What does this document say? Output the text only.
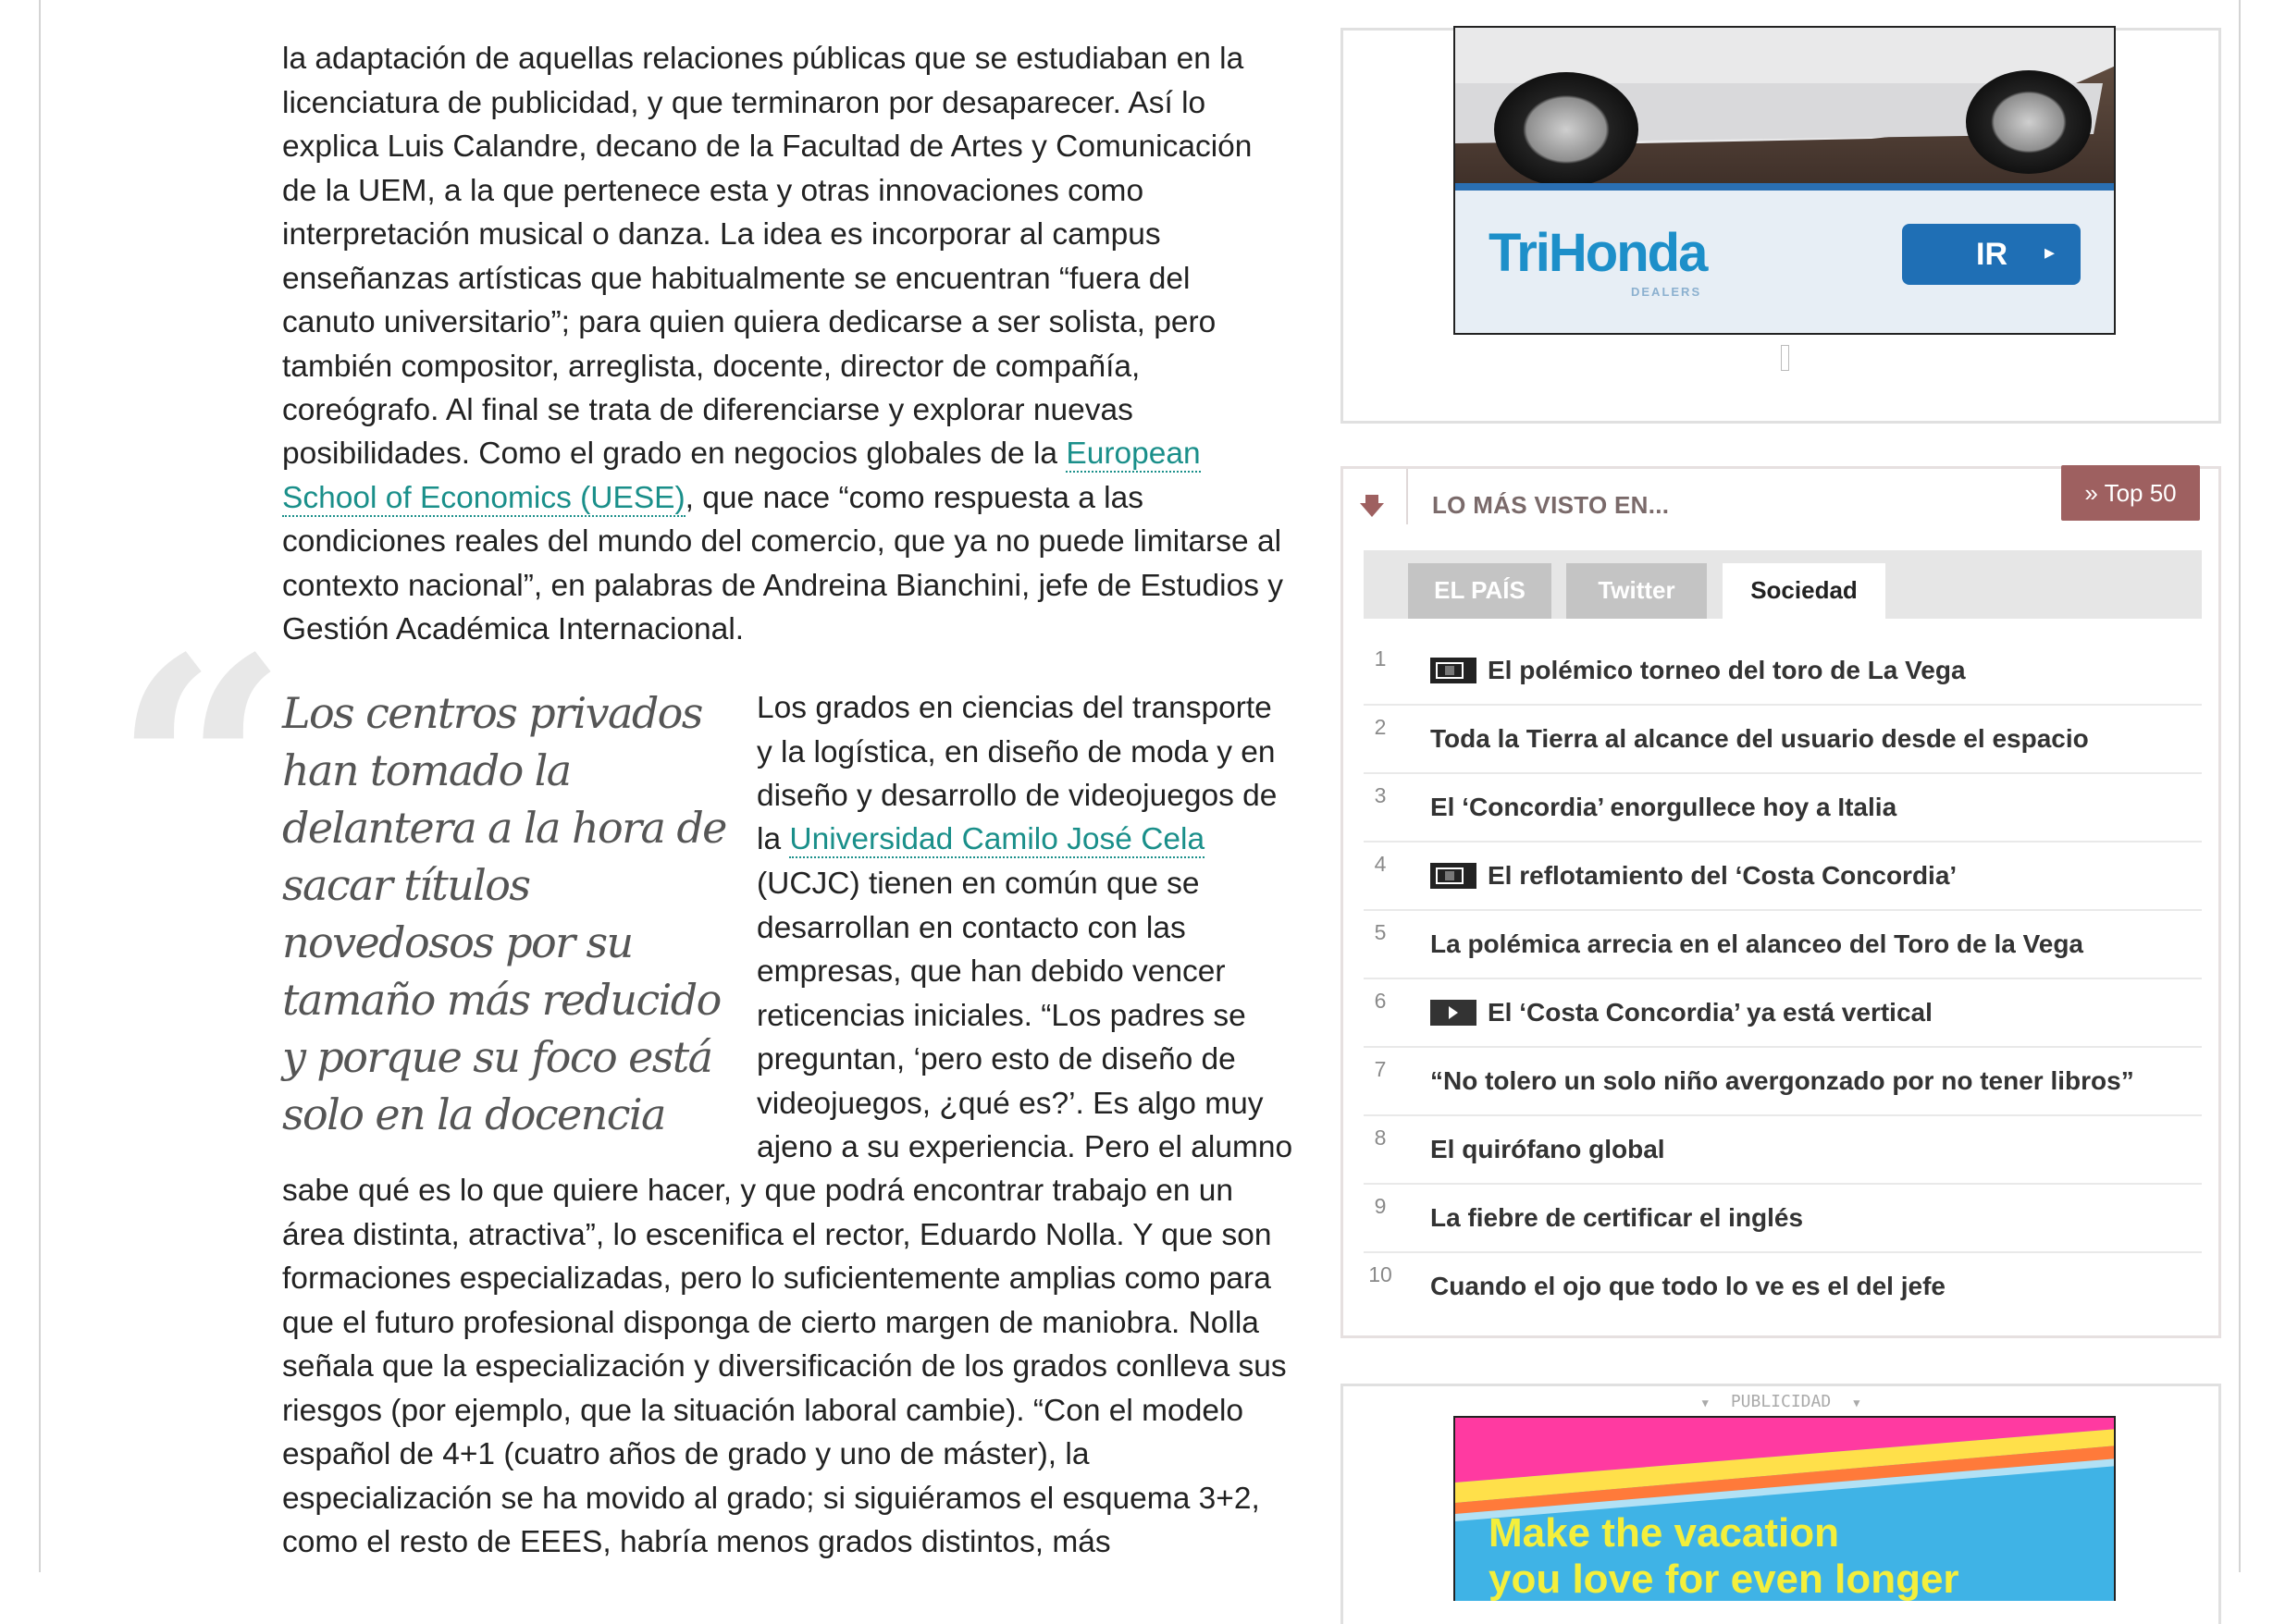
la adaptación de aquellas relaciones públicas que se estudiaban en la
licenciatura de publicidad, y que terminaron por desaparecer. Así lo
explica Luis Calandre, decano de la Facultad de Artes y Comunicación
de la UEM, a la que pertenece esta y otras innovaciones como
interpretación musical o danza. La idea es incorporar al campus
enseñanzas artísticas que habitualmente se encuentran “fuera del
canuto universitario”; para quien quiera dedicarse a ser solista, pero
también compositor, arreglista, docente, director de compañía,
coreógrafo. Al final se trata de diferenciarse y explorar nuevas
posibilidades. Como el grado en negocios globales de la European
School of Economics (UESE), que nace “como respuesta a las
condiciones reales del mundo del comercio, que ya no puede limitarse al
contexto nacional”, en palabras de Andreina Bianchini, jefe de Estudios y
Gestión Académica Internacional.
“

Los centros privados han tomado la delantera a la hora de sacar títulos novedosos por su tamaño más reducido y porque su foco está solo en la docencia

Los grados en ciencias del transporte
y la logística, en diseño de moda y en
diseño y desarrollo de videojuegos de
la Universidad Camilo José Cela
(UCJC) tienen en común que se
desarrollan en contacto con las
empresas, que han debido vencer
reticencias iniciales. “Los padres se
preguntan, ‘pero esto de diseño de
videojuegos, ¿qué es?’. Es algo muy
ajeno a su experiencia. Pero el alumno
sabe qué es lo que quiere hacer, y que podrá encontrar trabajo en un
área distinta, atractiva”, lo escenifica el rector, Eduardo Nolla. Y que son
formaciones especializadas, pero lo suficientemente amplias como para
que el futuro profesional disponga de cierto margen de maniobra. Nolla
señala que la especialización y diversificación de los grados conlleva sus
riesgos (por ejemplo, que la situación laboral cambie). “Con el modelo
español de 4+1 (cuatro años de grado y uno de máster), la
especialización se ha movido al grado; si siguiéramos el esquema 3+2,
como el resto de EEES, habría menos grados distintos, más
TriHonda
DEALERS
IR ▸
LO MÁS VISTO EN...	» Top 50
EL PAÍS	Twitter	Sociedad
1	El polémico torneo del toro de La Vega
2	Toda la Tierra al alcance del usuario desde el espacio
3	El ‘Concordia’ enorgullece hoy a Italia
4	El reflotamiento del ‘Costa Concordia’
5	La polémica arrecia en el alanceo del Toro de la Vega
6	El ‘Costa Concordia’ ya está vertical
7	“No tolero un solo niño avergonzado por no tener libros”
8	El quirófano global
9	La fiebre de certificar el inglés
10 Cuando el ojo que todo lo ve es el del jefe
▼ PUBLICIDAD ▼
Make the vacation
you love for even longer
